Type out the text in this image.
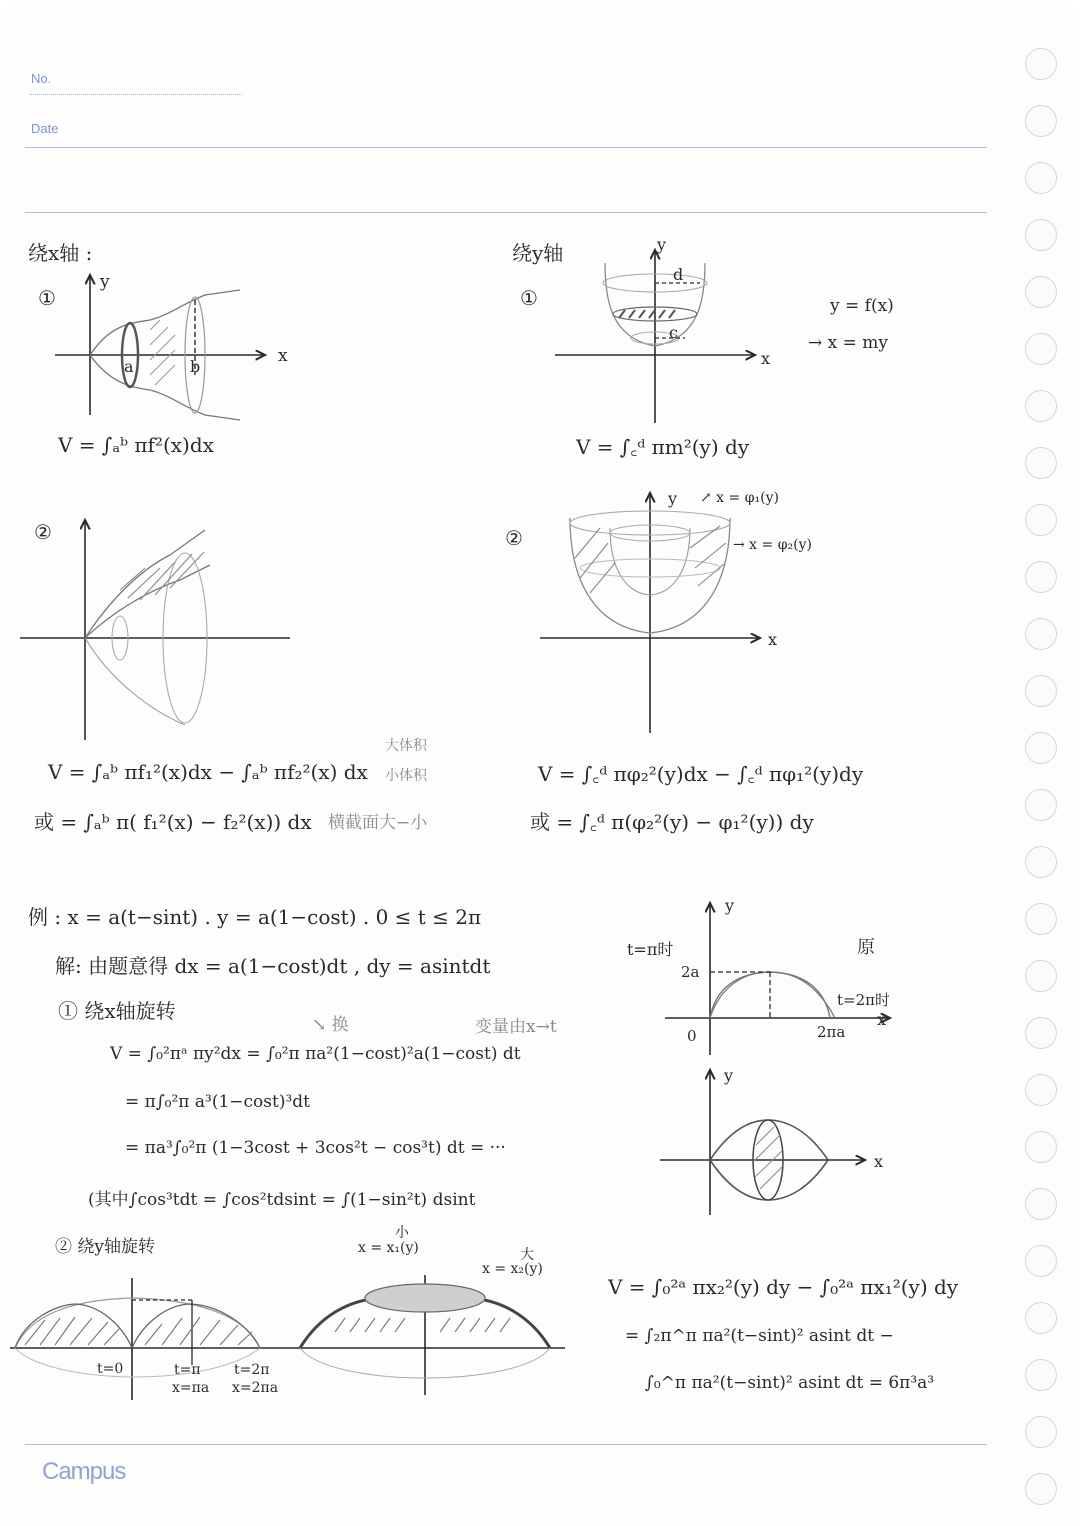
No.
Date
Campus
绕x轴 :
①
a	b
x
y
V = ∫ₐᵇ πf²(x)dx
②
V = ∫ₐᵇ πf₁²(x)dx − ∫ₐᵇ πf₂²(x) dx
大体积
小体积
或 = ∫ₐᵇ π( f₁²(x) − f₂²(x)) dx 横截面大−小
绕y轴
①
d
c
x
y
y = f(x)
→ x = my
V = ∫꜀ᵈ πm²(y) dy
②
x
y ↗ x = φ₁(y)
→ x = φ₂(y)
V = ∫꜀ᵈ πφ₂²(y)dx − ∫꜀ᵈ πφ₁²(y)dy
或 = ∫꜀ᵈ π(φ₂²(y) − φ₁²(y)) dy
例 : x = a(t−sint) . y = a(1−cost) . 0 ≤ t ≤ 2π
解: 由题意得 dx = a(1−cost)dt , dy = asintdt
① 绕x轴旋转
↘ 换	变量由x→t
V = ∫₀²πᵃ πy²dx = ∫₀²π πa²(1−cost)²a(1−cost) dt
= π∫₀²π a³(1−cost)³dt
= πa³∫₀²π (1−3cost + 3cos²t − cos³t) dt = ···
(其中∫cos³tdt = ∫cos²tdsint = ∫(1−sin²t) dsint
② 绕y轴旋转
y
x
t=π时
2a
0	2πa
t=2π时
原
y
x
t=0	t=π
x=πa
t=2π
x=2πa
小
x = x₁(y)	大
x = x₂(y)
V = ∫₀²ᵃ πx₂²(y) dy − ∫₀²ᵃ πx₁²(y) dy
= ∫₂π^π πa²(t−sint)² asint dt −
∫₀^π πa²(t−sint)² asint dt = 6π³a³
